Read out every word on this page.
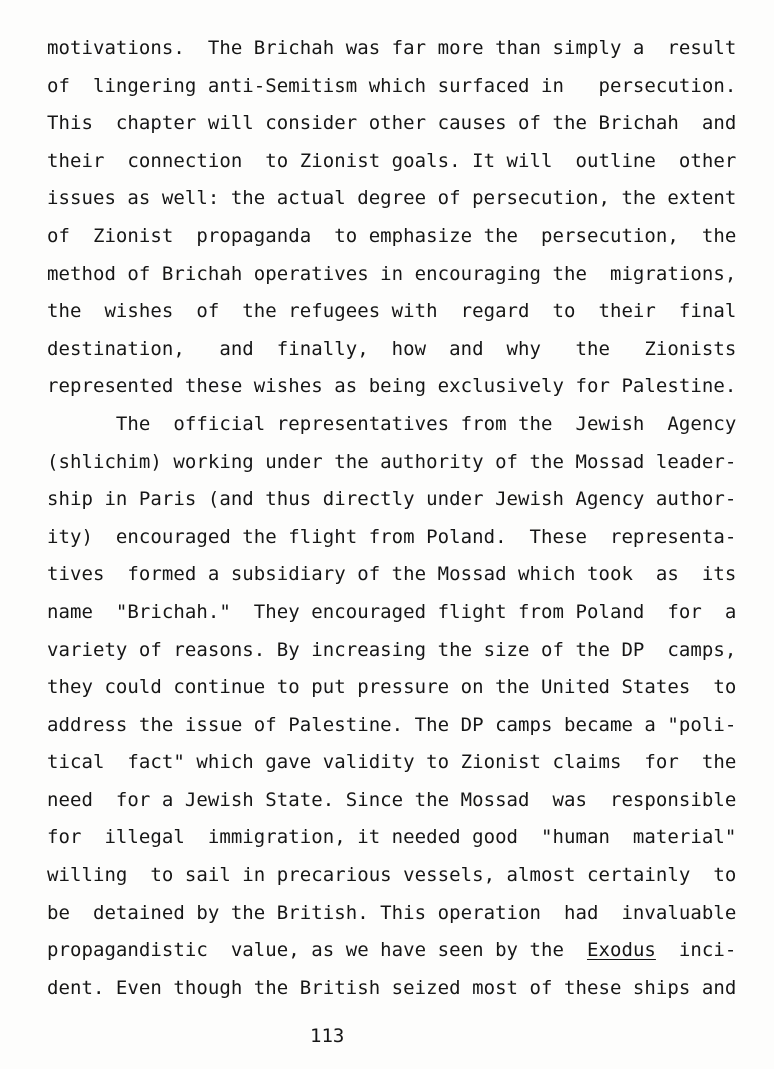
motivations.  The Brichah was far more than simply a  result
of  lingering anti-Semitism which surfaced in   persecution.
This  chapter will consider other causes of the Brichah  and
their  connection  to Zionist goals. It will  outline  other
issues as well: the actual degree of persecution, the extent
of  Zionist  propaganda  to emphasize the  persecution,  the
method of Brichah operatives in encouraging the  migrations,
the  wishes  of  the refugees with  regard  to  their  final
destination,   and  finally,  how  and  why   the   Zionists
represented these wishes as being exclusively for Palestine.
The  official representatives from the  Jewish  Agency
(shlichim) working under the authority of the Mossad leader-
ship in Paris (and thus directly under Jewish Agency author-
ity)  encouraged the flight from Poland.  These  representa-
tives  formed a subsidiary of the Mossad which took  as  its
name  "Brichah."  They encouraged flight from Poland  for  a
variety of reasons. By increasing the size of the DP  camps,
they could continue to put pressure on the United States  to
address the issue of Palestine. The DP camps became a "poli-
tical  fact" which gave validity to Zionist claims  for  the
need  for a Jewish State. Since the Mossad  was  responsible
for  illegal  immigration, it needed good  "human  material"
willing  to sail in precarious vessels, almost certainly  to
be  detained by the British. This operation  had  invaluable
propagandistic  value, as we have seen by the  Exodus  inci-
dent. Even though the British seized most of these ships and
113
